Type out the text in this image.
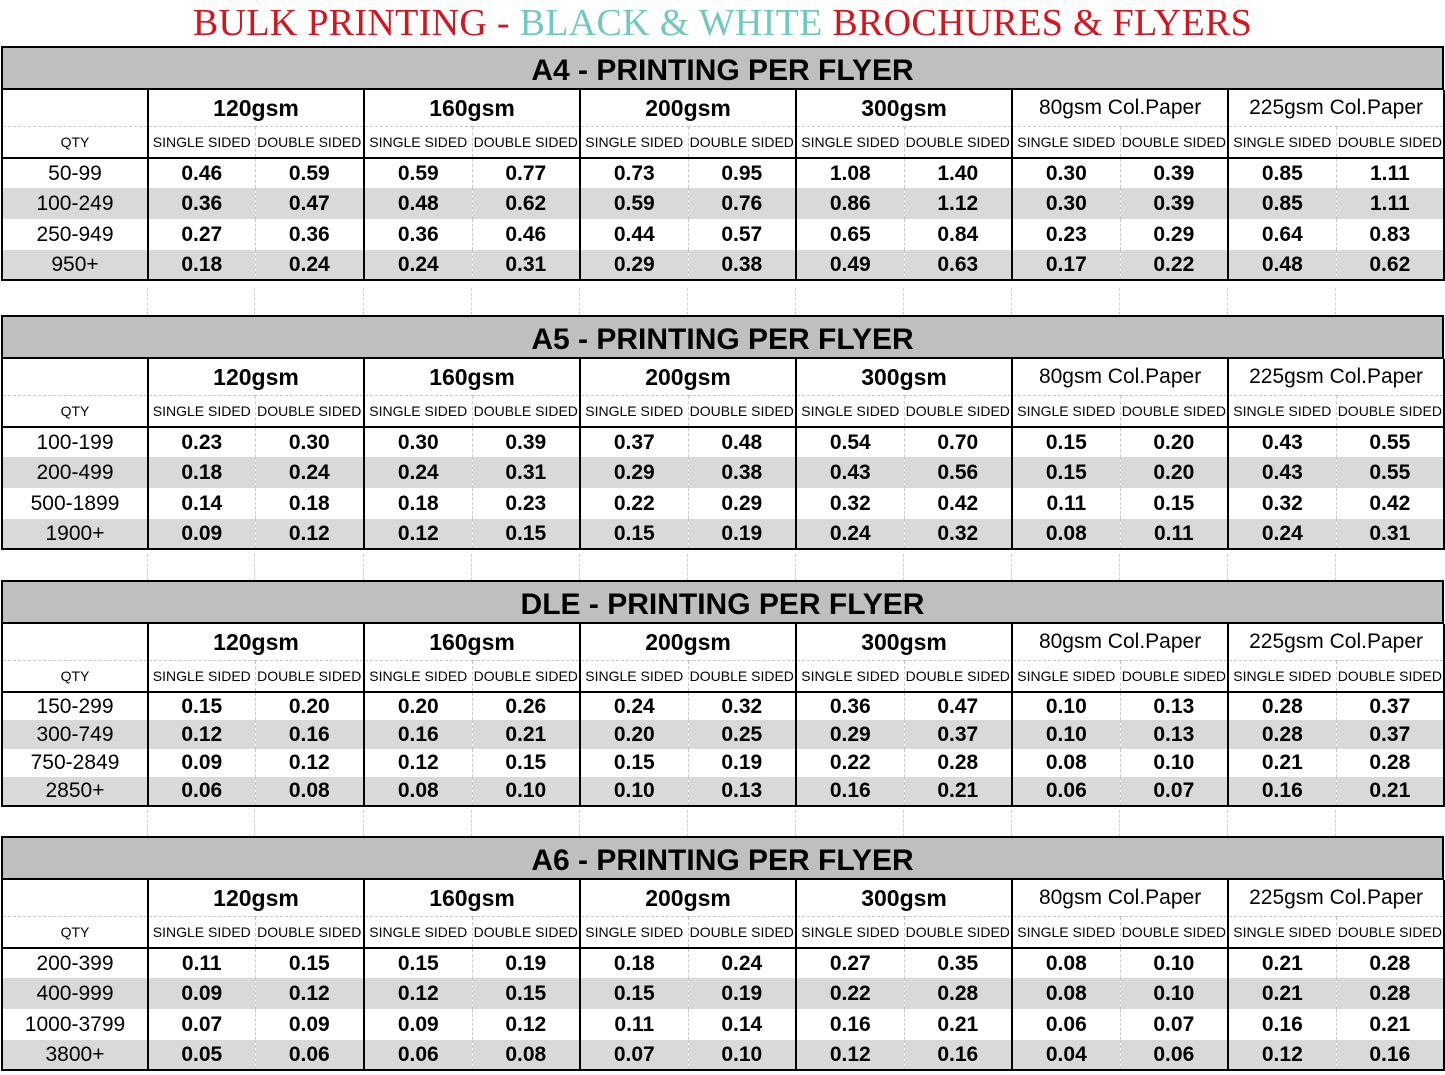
BULK PRINTING - BLACK & WHITE BROCHURES & FLYERS
A4 - PRINTING PER FLYER
	120gsm		160gsm		200gsm		300gsm		80gsm Col.Paper		225gsm Col.Paper	
QTY	SINGLE SIDED	DOUBLE SIDED	SINGLE SIDED	DOUBLE SIDED	SINGLE SIDED	DOUBLE SIDED	SINGLE SIDED	DOUBLE SIDED	SINGLE SIDED	DOUBLE SIDED	SINGLE SIDED	DOUBLE SIDED
50-99	0.46	0.59	0.59	0.77	0.73	0.95	1.08	1.40	0.30	0.39	0.85	1.11
100-249	0.36	0.47	0.48	0.62	0.59	0.76	0.86	1.12	0.30	0.39	0.85	1.11
250-949	0.27	0.36	0.36	0.46	0.44	0.57	0.65	0.84	0.23	0.29	0.64	0.83
950+	0.18	0.24	0.24	0.31	0.29	0.38	0.49	0.63	0.17	0.22	0.48	0.62
A5 - PRINTING PER FLYER
	120gsm		160gsm		200gsm		300gsm		80gsm Col.Paper		225gsm Col.Paper	
QTY	SINGLE SIDED	DOUBLE SIDED	SINGLE SIDED	DOUBLE SIDED	SINGLE SIDED	DOUBLE SIDED	SINGLE SIDED	DOUBLE SIDED	SINGLE SIDED	DOUBLE SIDED	SINGLE SIDED	DOUBLE SIDED
100-199	0.23	0.30	0.30	0.39	0.37	0.48	0.54	0.70	0.15	0.20	0.43	0.55
200-499	0.18	0.24	0.24	0.31	0.29	0.38	0.43	0.56	0.15	0.20	0.43	0.55
500-1899	0.14	0.18	0.18	0.23	0.22	0.29	0.32	0.42	0.11	0.15	0.32	0.42
1900+	0.09	0.12	0.12	0.15	0.15	0.19	0.24	0.32	0.08	0.11	0.24	0.31
DLE - PRINTING PER FLYER
	120gsm		160gsm		200gsm		300gsm		80gsm Col.Paper		225gsm Col.Paper	
QTY	SINGLE SIDED	DOUBLE SIDED	SINGLE SIDED	DOUBLE SIDED	SINGLE SIDED	DOUBLE SIDED	SINGLE SIDED	DOUBLE SIDED	SINGLE SIDED	DOUBLE SIDED	SINGLE SIDED	DOUBLE SIDED
150-299	0.15	0.20	0.20	0.26	0.24	0.32	0.36	0.47	0.10	0.13	0.28	0.37
300-749	0.12	0.16	0.16	0.21	0.20	0.25	0.29	0.37	0.10	0.13	0.28	0.37
750-2849	0.09	0.12	0.12	0.15	0.15	0.19	0.22	0.28	0.08	0.10	0.21	0.28
2850+	0.06	0.08	0.08	0.10	0.10	0.13	0.16	0.21	0.06	0.07	0.16	0.21
A6 - PRINTING PER FLYER
	120gsm		160gsm		200gsm		300gsm		80gsm Col.Paper		225gsm Col.Paper	
QTY	SINGLE SIDED	DOUBLE SIDED	SINGLE SIDED	DOUBLE SIDED	SINGLE SIDED	DOUBLE SIDED	SINGLE SIDED	DOUBLE SIDED	SINGLE SIDED	DOUBLE SIDED	SINGLE SIDED	DOUBLE SIDED
200-399	0.11	0.15	0.15	0.19	0.18	0.24	0.27	0.35	0.08	0.10	0.21	0.28
400-999	0.09	0.12	0.12	0.15	0.15	0.19	0.22	0.28	0.08	0.10	0.21	0.28
1000-3799	0.07	0.09	0.09	0.12	0.11	0.14	0.16	0.21	0.06	0.07	0.16	0.21
3800+	0.05	0.06	0.06	0.08	0.07	0.10	0.12	0.16	0.04	0.06	0.12	0.16
